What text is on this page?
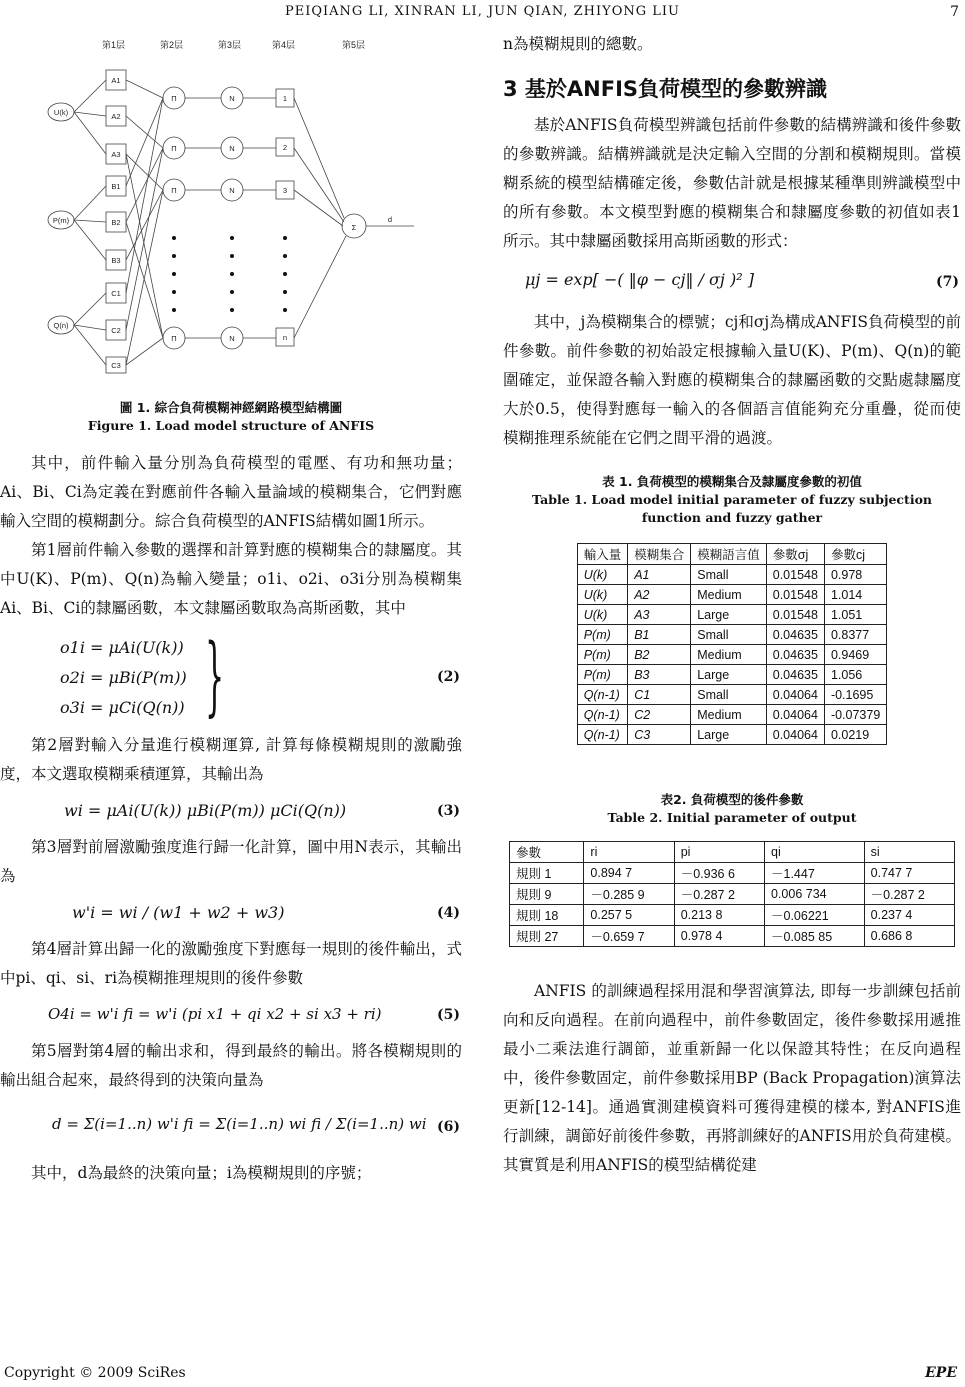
PEIQIANG LI, XINRAN LI, JUN QIAN, ZHIYONG LIU	7
第1层	第2层	第3层	第4层	第5层
U(k)
P(m)
Q(n)
A1
A2
A3
B1
B2
B3
C1
C2
C3
Π
Π
Π
Π
N
N
N
N
1
2
3
n
Σ
d
圖 1. 綜合負荷模糊神經網路模型結構圖
Figure 1. Load model structure of ANFIS

其中，前件輸入量分別為負荷模型的電壓、有功和無功量；Ai、Bi、Ci為定義在對應前件各輸入量論域的模糊集合，它們對應輸入空間的模糊劃分。綜合負荷模型的ANFIS結構如圖1所示。

第1層前件輸入參數的選擇和計算對應的模糊集合的隸屬度。其中U(K)、P(m)、Q(n)為輸入變量；o1i、o2i、o3i分別為模糊集Ai、Bi、Ci的隸屬函數，本文隸屬函數取為高斯函數，其中

o1i = μAi(U(k))
o2i = μBi(P(m))
o3i = μCi(Q(n)) }	(2)

第2層對輸入分量進行模糊運算, 計算每條模糊規則的激勵強度，本文選取模糊乘積運算，其輸出為

wi = μAi(U(k)) μBi(P(m)) μCi(Q(n))	(3)

第3層對前層激勵強度進行歸一化計算，圖中用N表示，其輸出為

w'i = wi / (w1 + w2 + w3)	(4)

第4層計算出歸一化的激勵強度下對應每一規則的後件輸出，式中pi、qi、si、ri為模糊推理規則的後件參數

O4i = w'i fi = w'i (pi x1 + qi x2 + si x3 + ri)	(5)

第5層對第4層的輸出求和，得到最終的輸出。將各模糊規則的輸出組合起來，最終得到的決策向量為

d = Σ(i=1..n) w'i fi = Σ(i=1..n) wi fi / Σ(i=1..n) wi (6)

其中，d為最終的決策向量；i為模糊規則的序號；

n為模糊規則的總數。

3 基於ANFIS負荷模型的參數辨識

基於ANFIS負荷模型辨識包括前件參數的結構辨識和後件參數的參數辨識。結構辨識就是決定輸入空間的分割和模糊規則。當模糊系統的模型結構確定後，參數估計就是根據某種準則辨識模型中的所有參數。本文模型對應的模糊集合和隸屬度參數的初值如表1所示。其中隸屬函數採用高斯函數的形式：

μj = exp[ −( ‖φ − cj‖ / σj )² ]	(7)

其中，j為模糊集合的標號；cj和σj為構成ANFIS負荷模型的前件參數。前件參數的初始設定根據輸入量U(K)、P(m)、Q(n)的範圍確定，並保證各輸入對應的模糊集合的隸屬函數的交點處隸屬度大於0.5，使得對應每一輸入的各個語言值能夠充分重疊，從而使模糊推理系統能在它們之間平滑的過渡。

表 1. 負荷模型的模糊集合及隸屬度參數的初值
Table 1. Load model initial parameter of fuzzy subjection function and fuzzy gather
輸入量	模糊集合	模糊語言值	參數σj	參數cj
U(k)	A1	Small	0.01548	0.978
U(k)	A2	Medium	0.01548	1.014
U(k)	A3	Large	0.01548	1.051
P(m)	B1	Small	0.04635	0.8377
P(m)	B2	Medium	0.04635	0.9469
P(m)	B3	Large	0.04635	1.056
Q(n-1)	C1	Small	0.04064	-0.1695
Q(n-1)	C2	Medium	0.04064	-0.07379
Q(n-1)	C3	Large	0.04064	0.0219
表2. 負荷模型的後件參數
Table 2. Initial parameter of output
參數	ri	pi	qi	si
規則 1	0.894 7	－0.936 6	－1.447	0.747 7
規則 9	－0.285 9	－0.287 2	0.006 734	－0.287 2
規則 18	0.257 5	0.213 8	－0.06221	0.237 4
規則 27	－0.659 7	0.978 4	－0.085 85	0.686 8

ANFIS 的訓練過程採用混和學習演算法, 即每一步訓練包括前向和反向過程。在前向過程中，前件參數固定，後件參數採用遞推最小二乘法進行調節，並重新歸一化以保證其特性；在反向過程中，後件參數固定，前件參數採用BP (Back Propagation)演算法更新[12-14]。通過實測建模資料可獲得建模的樣本, 對ANFIS進行訓練，調節好前後件參數，再將訓練好的ANFIS用於負荷建模。其實質是利用ANFIS的模型結構從建

Copyright © 2009 SciRes	EPE
